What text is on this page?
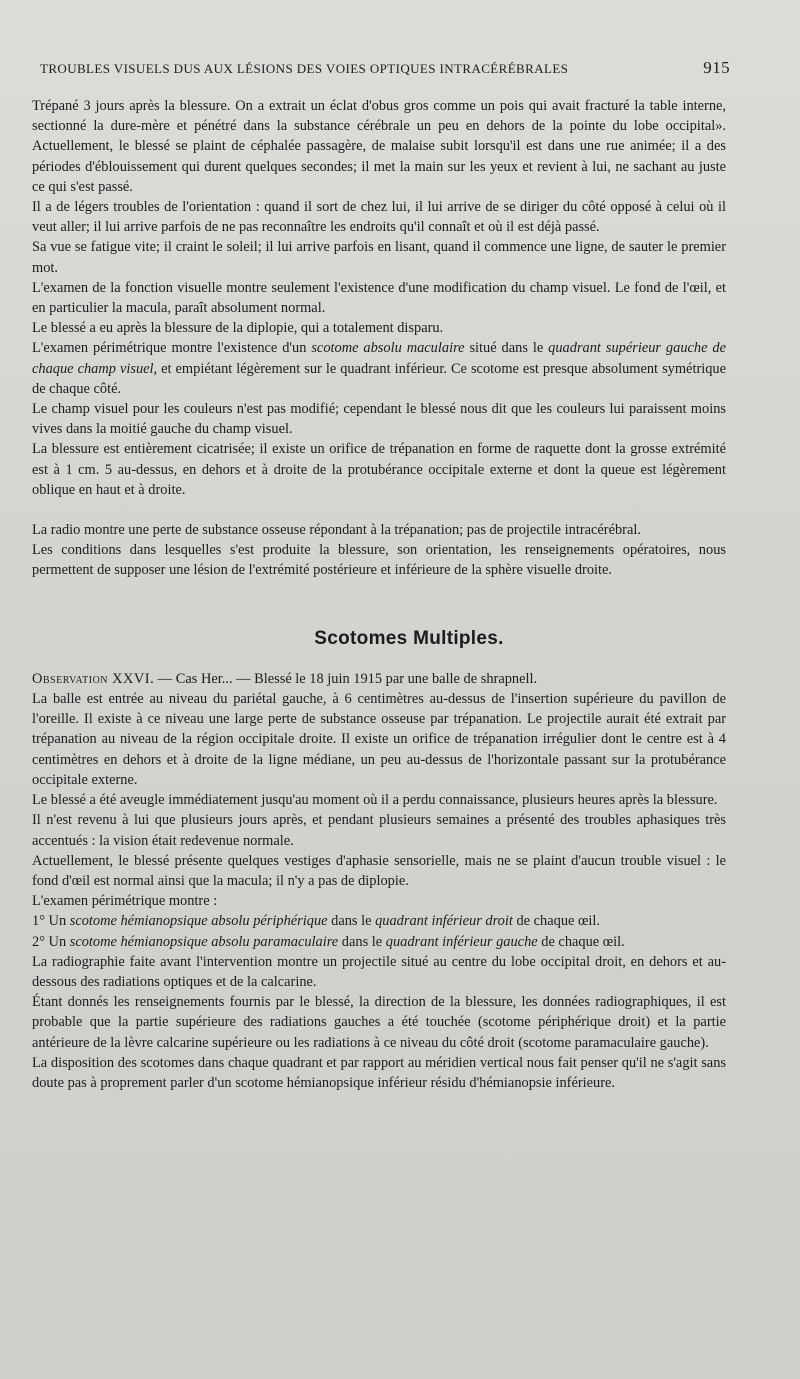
TROUBLES VISUELS DUS AUX LÉSIONS DES VOIES OPTIQUES INTRACÉRÉBRALES	915

Trépané 3 jours après la blessure. On a extrait un éclat d'obus gros comme un pois qui avait fracturé la table interne, sectionné la dure-mère et pénétré dans la substance cérébrale un peu en dehors de la pointe du lobe occipital». Actuellement, le blessé se plaint de céphalée passagère, de malaise subit lorsqu'il est dans une rue animée; il a des périodes d'éblouissement qui durent quelques secondes; il met la main sur les yeux et revient à lui, ne sachant au juste ce qui s'est passé.

Il a de légers troubles de l'orientation : quand il sort de chez lui, il lui arrive de se diriger du côté opposé à celui où il veut aller; il lui arrive parfois de ne pas reconnaître les endroits qu'il connaît et où il est déjà passé.

Sa vue se fatigue vite; il craint le soleil; il lui arrive parfois en lisant, quand il commence une ligne, de sauter le premier mot.

L'examen de la fonction visuelle montre seulement l'existence d'une modification du champ visuel. Le fond de l'œil, et en particulier la macula, paraît absolument normal.

Le blessé a eu après la blessure de la diplopie, qui a totalement disparu.

L'examen périmétrique montre l'existence d'un scotome absolu maculaire situé dans le quadrant supérieur gauche de chaque champ visuel, et empiétant légèrement sur le quadrant inférieur. Ce scotome est presque absolument symétrique de chaque côté.

Le champ visuel pour les couleurs n'est pas modifié; cependant le blessé nous dit que les couleurs lui paraissent moins vives dans la moitié gauche du champ visuel.

La blessure est entièrement cicatrisée; il existe un orifice de trépanation en forme de raquette dont la grosse extrémité est à 1 cm. 5 au-dessus, en dehors et à droite de la protubérance occipitale externe et dont la queue est légèrement oblique en haut et à droite.

La radio montre une perte de substance osseuse répondant à la trépanation; pas de projectile intracérébral.

Les conditions dans lesquelles s'est produite la blessure, son orientation, les renseignements opératoires, nous permettent de supposer une lésion de l'extrémité postérieure et inférieure de la sphère visuelle droite.

Scotomes Multiples.

Observation XXVI. — Cas Her... — Blessé le 18 juin 1915 par une balle de shrapnell.

La balle est entrée au niveau du pariétal gauche, à 6 centimètres au-dessus de l'insertion supérieure du pavillon de l'oreille. Il existe à ce niveau une large perte de substance osseuse par trépanation. Le projectile aurait été extrait par trépanation au niveau de la région occipitale droite. Il existe un orifice de trépanation irrégulier dont le centre est à 4 centimètres en dehors et à droite de la ligne médiane, un peu au-dessus de l'horizontale passant sur la protubérance occipitale externe.

Le blessé a été aveugle immédiatement jusqu'au moment où il a perdu connaissance, plusieurs heures après la blessure.

Il n'est revenu à lui que plusieurs jours après, et pendant plusieurs semaines a présenté des troubles aphasiques très accentués : la vision était redevenue normale.

Actuellement, le blessé présente quelques vestiges d'aphasie sensorielle, mais ne se plaint d'aucun trouble visuel : le fond d'œil est normal ainsi que la macula; il n'y a pas de diplopie.

L'examen périmétrique montre :

1° Un scotome hémianopsique absolu périphérique dans le quadrant inférieur droit de chaque œil.

2° Un scotome hémianopsique absolu paramaculaire dans le quadrant inférieur gauche de chaque œil.

La radiographie faite avant l'intervention montre un projectile situé au centre du lobe occipital droit, en dehors et au-dessous des radiations optiques et de la calcarine.

Étant donnés les renseignements fournis par le blessé, la direction de la blessure, les données radiographiques, il est probable que la partie supérieure des radiations gauches a été touchée (scotome périphérique droit) et la partie antérieure de la lèvre calcarine supérieure ou les radiations à ce niveau du côté droit (scotome paramaculaire gauche).

La disposition des scotomes dans chaque quadrant et par rapport au méridien vertical nous fait penser qu'il ne s'agit sans doute pas à proprement parler d'un scotome hémianopsique inférieur résidu d'hémianopsie inférieure.
